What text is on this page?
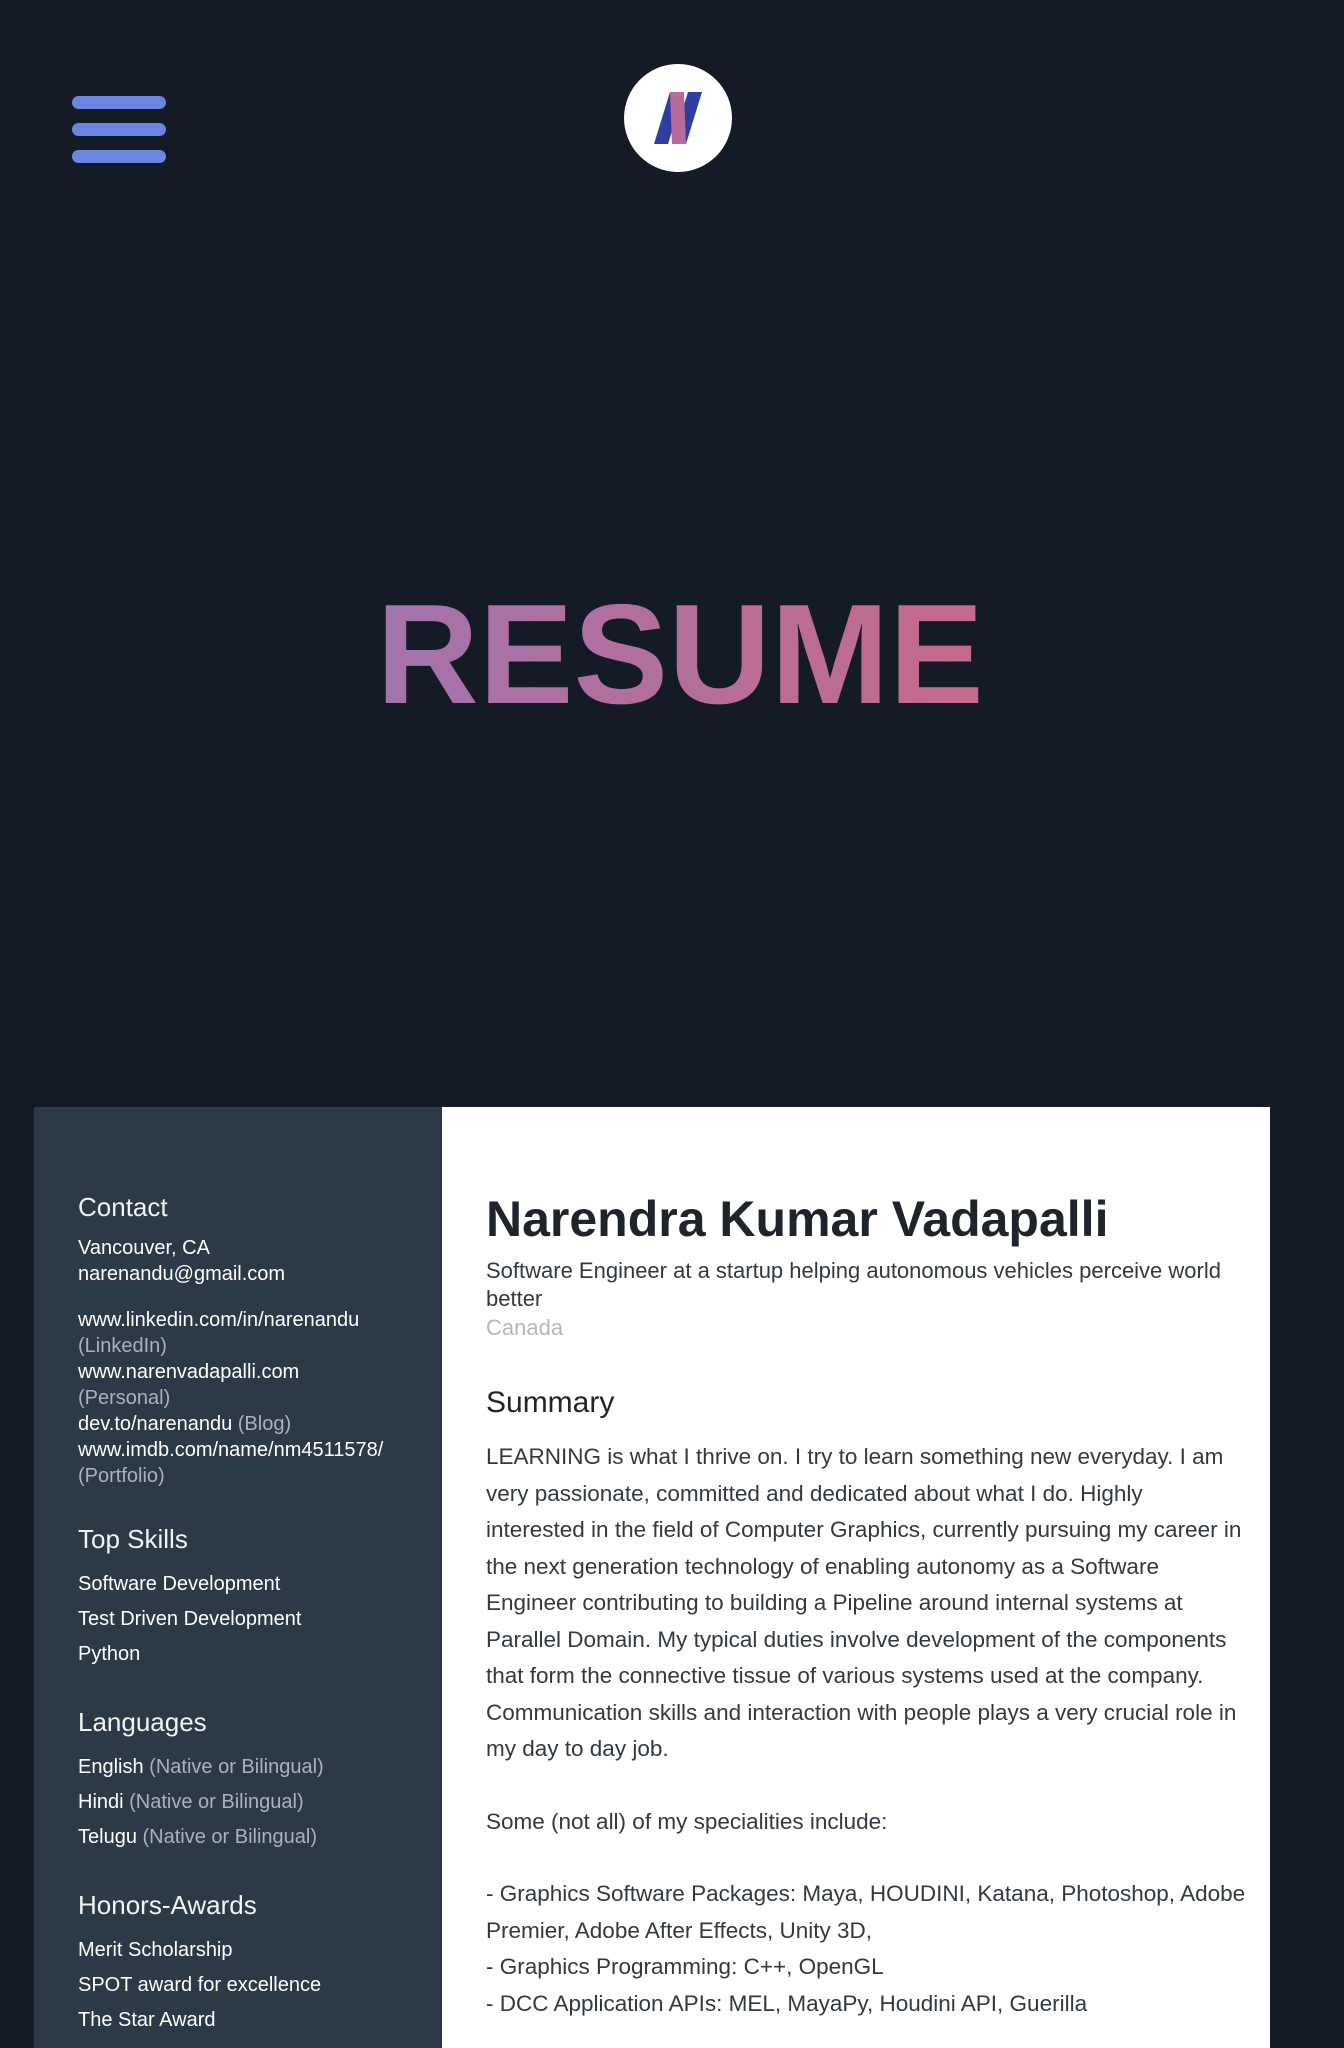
RESUME
Contact
Vancouver, CA
narenandu@gmail.com
www.linkedin.com/in/narenandu
(LinkedIn)
www.narenvadapalli.com
(Personal)
dev.to/narenandu (Blog)
www.imdb.com/name/nm4511578/
(Portfolio)
Top Skills
Software Development
Test Driven Development
Python
Languages
English (Native or Bilingual)
Hindi (Native or Bilingual)
Telugu (Native or Bilingual)
Honors-Awards
Merit Scholarship
SPOT award for excellence
The Star Award
Narendra Kumar Vadapalli
Software Engineer at a startup helping autonomous vehicles perceive world better
Canada
Summary

LEARNING is what I thrive on. I try to learn something new everyday. I am very passionate, committed and dedicated about what I do. Highly interested in the field of Computer Graphics, currently pursuing my career in the next generation technology of enabling autonomy as a Software Engineer contributing to building a Pipeline around internal systems at Parallel Domain. My typical duties involve development of the components that form the connective tissue of various systems used at the company. Communication skills and interaction with people plays a very crucial role in my day to day job.

Some (not all) of my specialities include:

- Graphics Software Packages: Maya, HOUDINI, Katana, Photoshop, Adobe Premier, Adobe After Effects, Unity 3D,

- Graphics Programming: C++, OpenGL

- DCC Application APIs: MEL, MayaPy, Houdini API, Guerilla
